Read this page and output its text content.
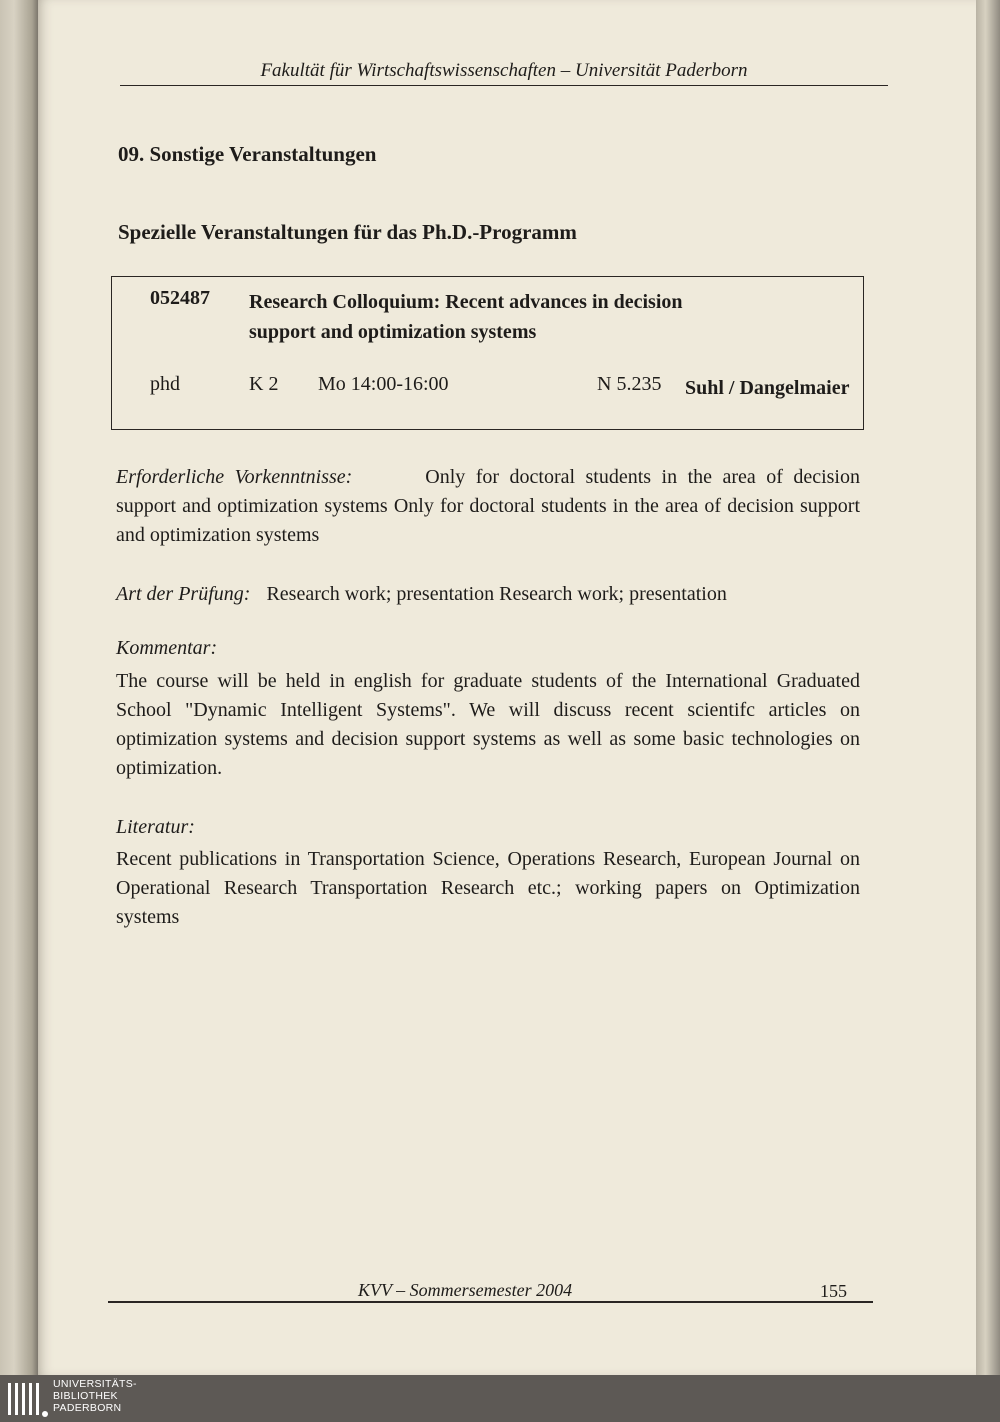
Fakultät für Wirtschaftswissenschaften – Universität Paderborn
09. Sonstige Veranstaltungen
Spezielle Veranstaltungen für das Ph.D.-Programm
052487 Research Colloquium: Recent advances in decision support and optimization systems
phd	K 2 Mo 14:00-16:00	N 5.235 Suhl / Dangelmaier
Erforderliche Vorkenntnisse:	Only for doctoral students in the area of decision support and optimization systems Only for doctoral students in the area of decision support and optimization systems
Art der Prüfung: Research work; presentation Research work; presentation
Kommentar:
The course will be held in english for graduate students of the International Graduated School "Dynamic Intelligent Systems". We will discuss recent scientifc articles on optimization systems and decision support systems as well as some basic technologies on optimization.
Literatur:
Recent publications in Transportation Science, Operations Research, European Journal on Operational Research Transportation Research etc.; working papers on Optimization systems
KVV – Sommersemester 2004	155
UNIVERSITÄTS-
BIBLIOTHEK
PADERBORN
